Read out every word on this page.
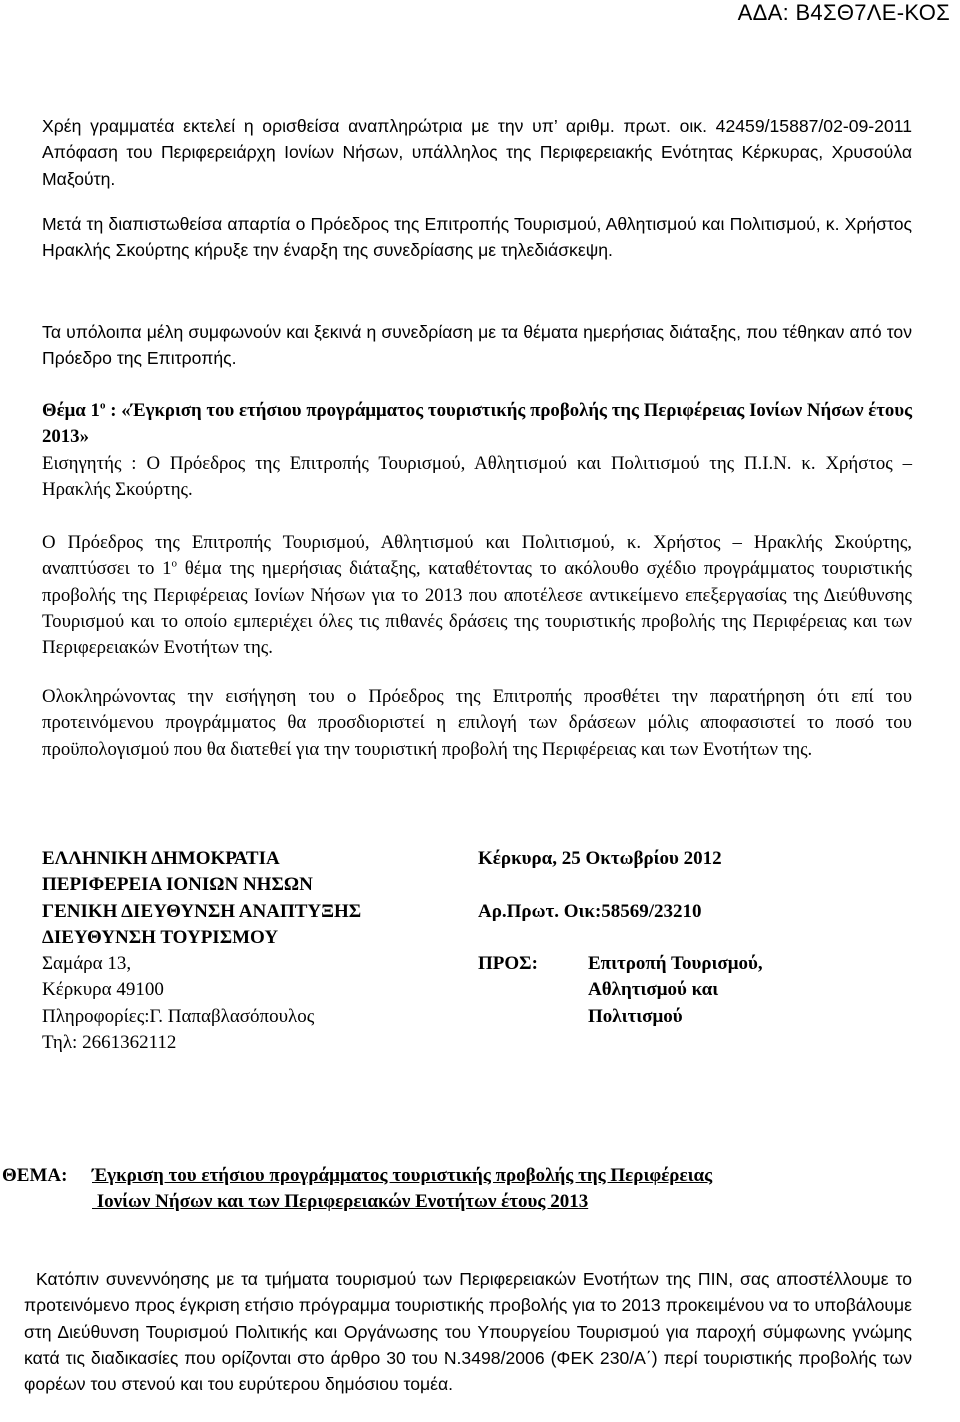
ΑΔΑ: Β4ΣΘ7ΛΕ-ΚΟΣ

Χρέη γραμματέα εκτελεί η ορισθείσα αναπληρώτρια με την υπ’ αριθμ. πρωτ. οικ. 42459/15887/02-09-2011 Απόφαση του Περιφερειάρχη Ιονίων Νήσων, υπάλληλος της Περιφερειακής Ενότητας Κέρκυρας, Χρυσούλα Μαξούτη.

Μετά τη διαπιστωθείσα απαρτία ο Πρόεδρος της Επιτροπής Τουρισμού, Αθλητισμού και Πολιτισμού, κ. Χρήστος Ηρακλής Σκούρτης κήρυξε την έναρξη της συνεδρίασης με τηλεδιάσκεψη.

Τα υπόλοιπα μέλη συμφωνούν και ξεκινά η συνεδρίαση με τα θέματα ημερήσιας διάταξης, που τέθηκαν από τον Πρόεδρο της Επιτροπής.

Θέμα $1^o$ : «Έγκριση του ετήσιου προγράμματος τουριστικής προβολής της Περιφέρειας Ιονίων Νήσων έτους 2013»

Εισηγητής : Ο Πρόεδρος της Επιτροπής Τουρισμού, Αθλητισμού και Πολιτισμού της Π.Ι.Ν. κ. Χρήστος – Ηρακλής Σκούρτης.

Ο Πρόεδρος της Επιτροπής Τουρισμού, Αθλητισμού και Πολιτισμού, κ. Χρήστος – Ηρακλής Σκούρτης, αναπτύσσει το $1^o$ θέμα της ημερήσιας διάταξης, καταθέτοντας το ακόλουθο σχέδιο προγράμματος τουριστικής προβολής της Περιφέρειας Ιονίων Νήσων για το 2013 που αποτέλεσε αντικείμενο επεξεργασίας της Διεύθυνσης Τουρισμού και το οποίο εμπεριέχει όλες τις πιθανές δράσεις της τουριστικής προβολής της Περιφέρειας και των Περιφερειακών Ενοτήτων της.

Ολοκληρώνοντας την εισήγηση του ο Πρόεδρος της Επιτροπής προσθέτει την παρατήρηση ότι επί του προτεινόμενου προγράμματος θα προσδιοριστεί η επιλογή των δράσεων μόλις αποφασιστεί το ποσό του προϋπολογισμού που θα διατεθεί για την τουριστική προβολή της Περιφέρειας και των Ενοτήτων της.

ΕΛΛΗΝΙΚΗ ΔΗΜΟΚΡΑΤΙΑ
ΠΕΡΙΦΕΡΕΙΑ ΙΟΝΙΩΝ ΝΗΣΩΝ
ΓΕΝΙΚΗ ΔΙΕΥΘΥΝΣΗ ΑΝΑΠΤΥΞΗΣ
ΔΙΕΥΘΥΝΣΗ ΤΟΥΡΙΣΜΟΥ
Σαμάρα 13,
Κέρκυρα 49100
Πληροφορίες:Γ. Παπαβλασόπουλος
Τηλ: 2661362112
Κέρκυρα, 25 Οκτωβρίου 2012
Αρ.Πρωτ. Οικ:58569/23210
ΠΡΟΣ:	Επιτροπή Τουρισμού,
Αθλητισμού και
Πολιτισμού
ΘΕΜΑ: Έγκριση του ετήσιου προγράμματος τουριστικής προβολής της Περιφέρειας
Ιονίων Νήσων και των Περιφερειακών Ενοτήτων έτους 2013

Κατόπιν συνεννόησης με τα τμήματα τουρισμού των Περιφερειακών Ενοτήτων της ΠΙΝ, σας αποστέλλουμε το προτεινόμενο προς έγκριση ετήσιο πρόγραμμα τουριστικής προβολής για το 2013 προκειμένου να το υποβάλουμε στη Διεύθυνση Τουρισμού Πολιτικής και Οργάνωσης του Υπουργείου Τουρισμού για παροχή σύμφωνης γνώμης κατά τις διαδικασίες που ορίζονται στο άρθρο 30 του Ν.3498/2006 (ΦΕΚ 230/Α΄) περί τουριστικής προβολής των φορέων του στενού και του ευρύτερου δημόσιου τομέα.
